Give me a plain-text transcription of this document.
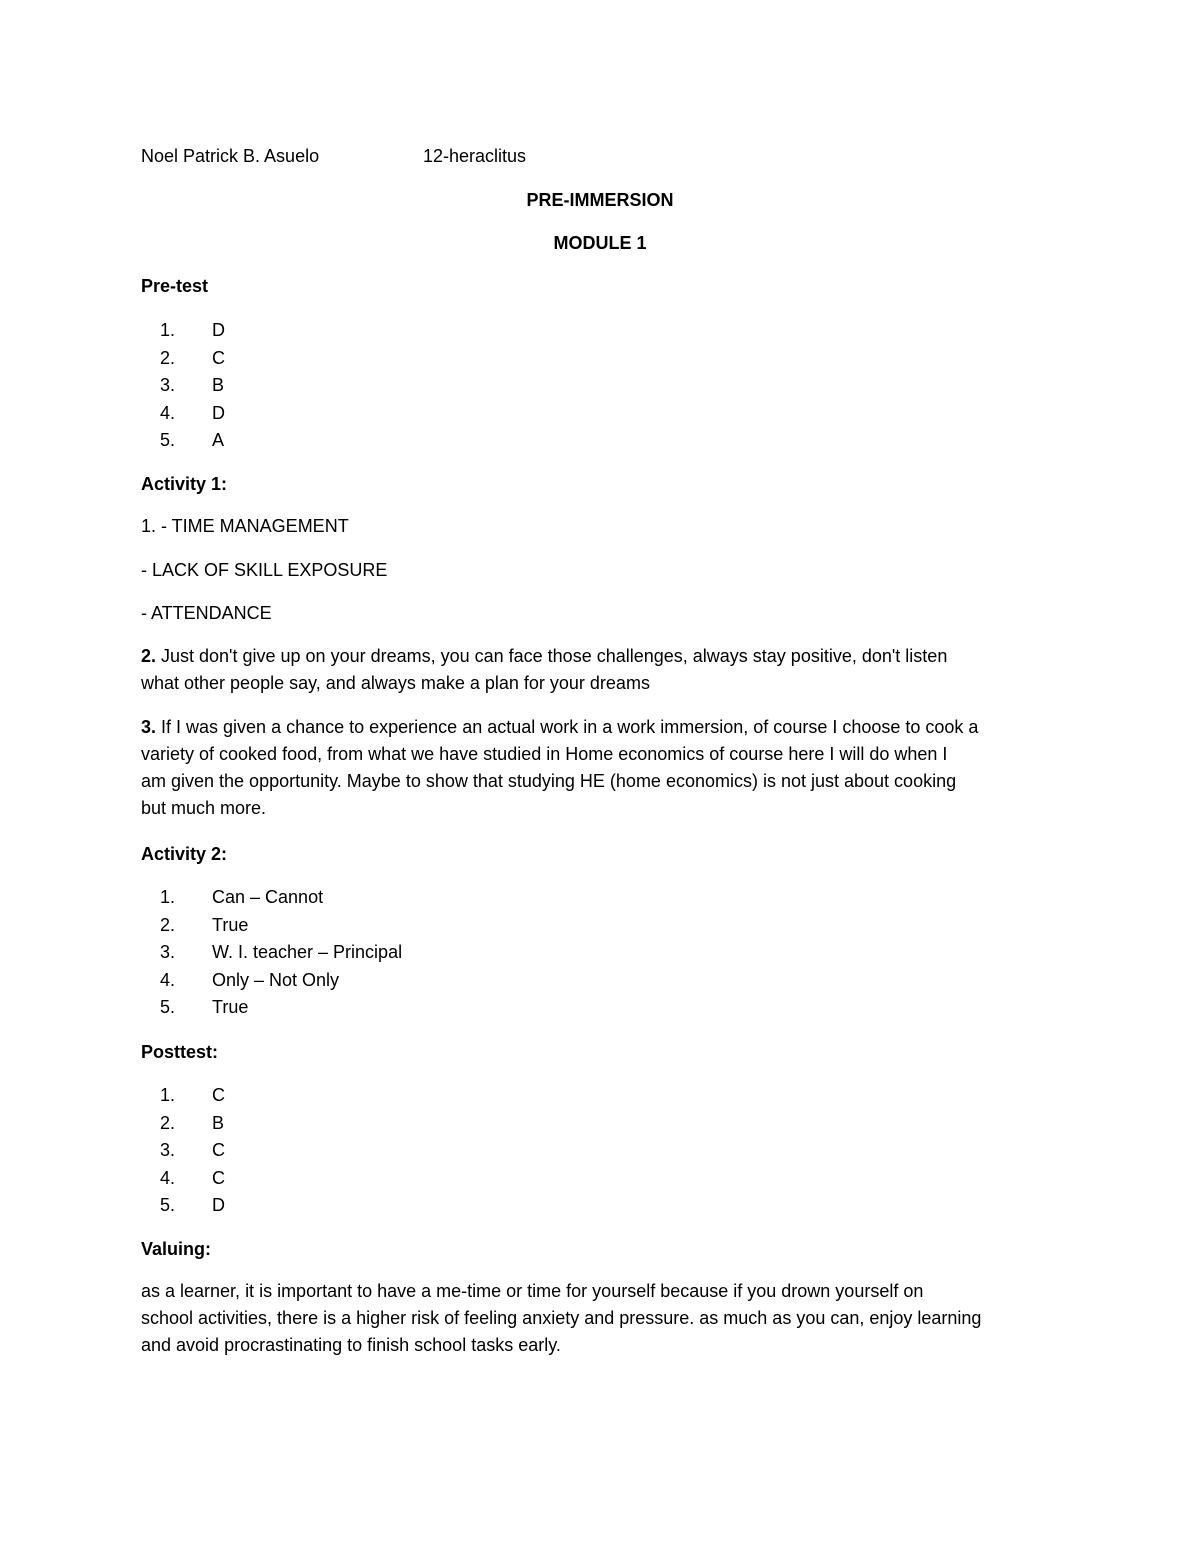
Noel Patrick B. Asuelo	12-heraclitus
PRE-IMMERSION
MODULE 1
Pre-test
1. D
2. C
3. B
4. D
5. A
Activity 1:
1. - TIME MANAGEMENT
- LACK OF SKILL EXPOSURE
- ATTENDANCE
2. Just don't give up on your dreams, you can face those challenges, always stay positive, don't listen
what other people say, and always make a plan for your dreams
3. If I was given a chance to experience an actual work in a work immersion, of course I choose to cook a
variety of cooked food, from what we have studied in Home economics of course here I will do when I
am given the opportunity. Maybe to show that studying HE (home economics) is not just about cooking
but much more.
Activity 2:
1. Can – Cannot
2. True
3. W. I. teacher – Principal
4. Only – Not Only
5. True
Posttest:
1. C
2. B
3. C
4. C
5. D
Valuing:
as a learner, it is important to have a me-time or time for yourself because if you drown yourself on
school activities, there is a higher risk of feeling anxiety and pressure. as much as you can, enjoy learning
and avoid procrastinating to finish school tasks early.
